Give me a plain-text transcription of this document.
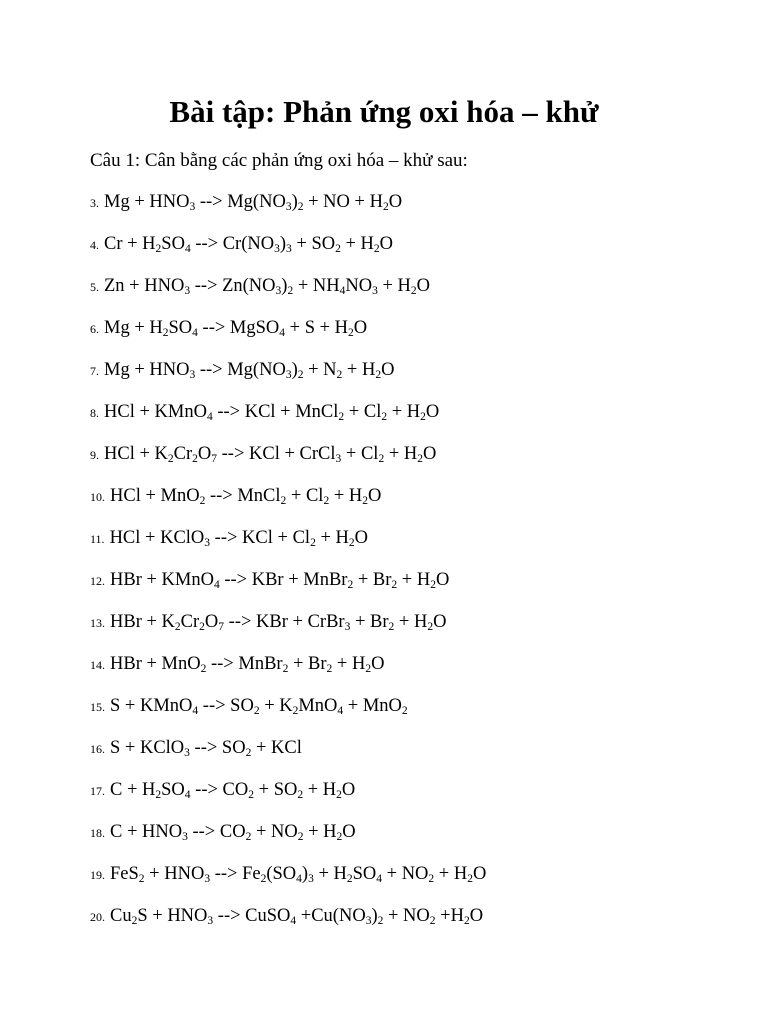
Bài tập: Phản ứng oxi hóa – khử
Câu 1: Cân bằng các phản ứng oxi hóa – khử sau:
3. $Mg + HNO_3$ --> $Mg(NO_3)_2$ + NO + $H_2O$
4. $Cr + H_2SO_4$ --> $Cr(NO_3)_3 + SO_2 + H_2O$
5. $Zn + HNO_3$ --> $Zn(NO_3)_2 + NH_4NO_3 + H_2O$
6. $Mg + H_2SO_4$ --> MgSO$_4$ + $S + H_2O$
7. $Mg + HNO_3$ --> $Mg(NO_3)_2 + N_2 + H_2O$
8. HCl + KMnO$_4$ --> KCl + MnCl$_2$ + $Cl_2 + H_2O$
9. HCl + $K_2Cr_2O_7$ --> KCl + CrCl$_3$ + $Cl_2 + H_2O$
10. HCl + MnO$_2$ --> MnCl$_2$ + $Cl_2 + H_2O$
11. HCl + KClO$_3$ --> KCl + $Cl_2 + H_2O$
12. HBr + KMnO$_4$ --> KBr + MnBr$_2$ + $Br_2 + H_2O$
13. HBr + $K_2Cr_2O_7$ --> KBr + CrBr$_3$ + $Br_2 + H_2O$
14. HBr + MnO$_2$ --> MnBr$_2$ + $Br_2 + H_2O$
15. S + KMnO$_4$ --> $SO_2 + K_2MnO_4 + MnO_2$
16. S + KClO$_3$ --> $SO_2$ + KCl
17. $C + H_2SO_4$ --> $CO_2 + SO_2 + H_2O$
18. $C + HNO_3$ --> $CO_2 + NO_2 + H_2O$
19. $FeS_2 + HNO_3$ --> $Fe_2(SO_4)_3 + H_2SO_4 + NO_2 + H_2O$
20. $Cu_2S + HNO_3$ --> CuSO$_4$ $+Cu(NO_3)_2 + NO_2 +H_2O$
